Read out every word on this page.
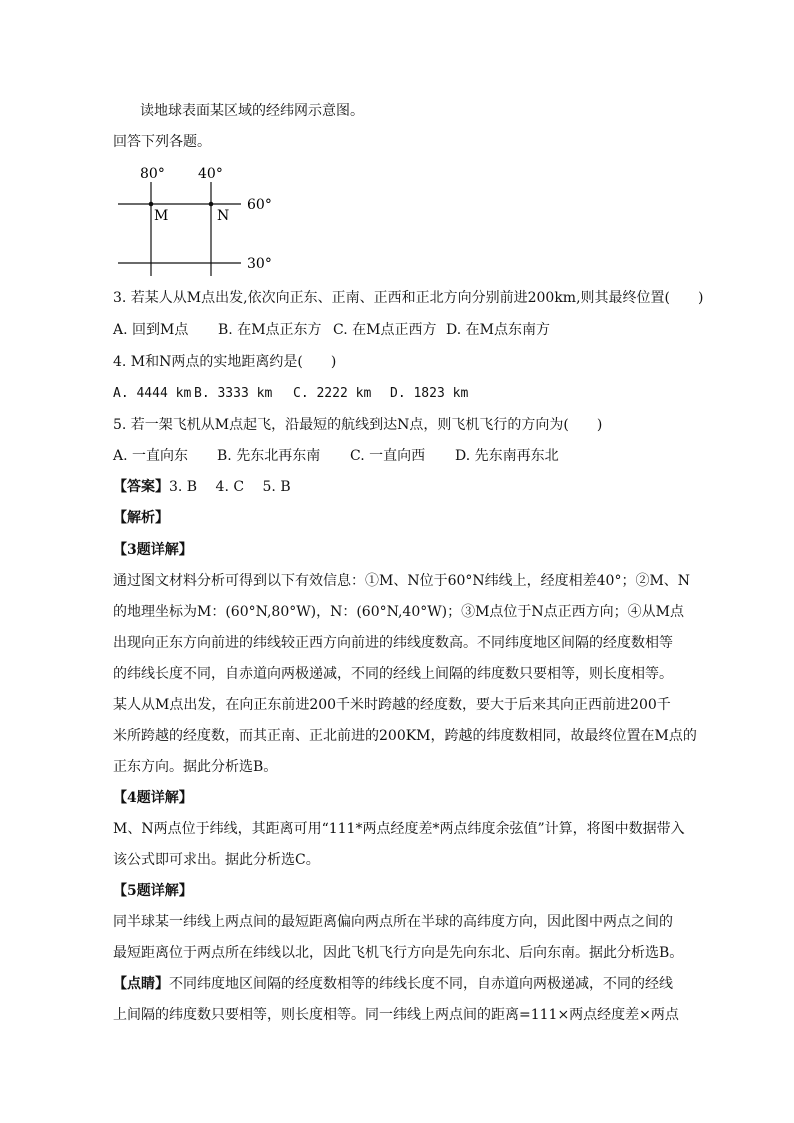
读地球表面某区域的经纬网示意图。
回答下列各题。
80° 40°
M	N
60°
30°
3. 若某人从M点出发,依次向正东、正南、正西和正北方向分别前进200km,则其最终位置(　　)
A. 回到M点 B. 在M点正东方 C. 在M点正西方 D. 在M点东南方
4. M和N两点的实地距离约是(　　)
A. 4444 km B. 3333 km C. 2222 km D. 1823 km
5. 若一架飞机从M点起飞，沿最短的航线到达N点，则飞机飞行的方向为(　　)
A. 一直向东 B. 先东北再东南 C. 一直向西 D. 先东南再东北
【答案】3. B　 4. C　 5. B
【解析】
【3题详解】
通过图文材料分析可得到以下有效信息：①M、N位于60°N纬线上，经度相差40°；②M、N
的地理坐标为M：(60°N,80°W)，N：(60°N,40°W)；③M点位于N点正西方向；④从M点
出现向正东方向前进的纬线较正西方向前进的纬线度数高。不同纬度地区间隔的经度数相等
的纬线长度不同，自赤道向两极递减，不同的经线上间隔的纬度数只要相等，则长度相等。
某人从M点出发，在向正东前进200千米时跨越的经度数，要大于后来其向正西前进200千
米所跨越的经度数，而其正南、正北前进的200KM，跨越的纬度数相同，故最终位置在M点的
正东方向。据此分析选B。
【4题详解】
M、N两点位于纬线，其距离可用“111*两点经度差*两点纬度余弦值”计算，将图中数据带入
该公式即可求出。据此分析选C。
【5题详解】
同半球某一纬线上两点间的最短距离偏向两点所在半球的高纬度方向，因此图中两点之间的
最短距离位于两点所在纬线以北，因此飞机飞行方向是先向东北、后向东南。据此分析选B。
【点睛】不同纬度地区间隔的经度数相等的纬线长度不同，自赤道向两极递减，不同的经线
上间隔的纬度数只要相等，则长度相等。同一纬线上两点间的距离=111×两点经度差×两点
